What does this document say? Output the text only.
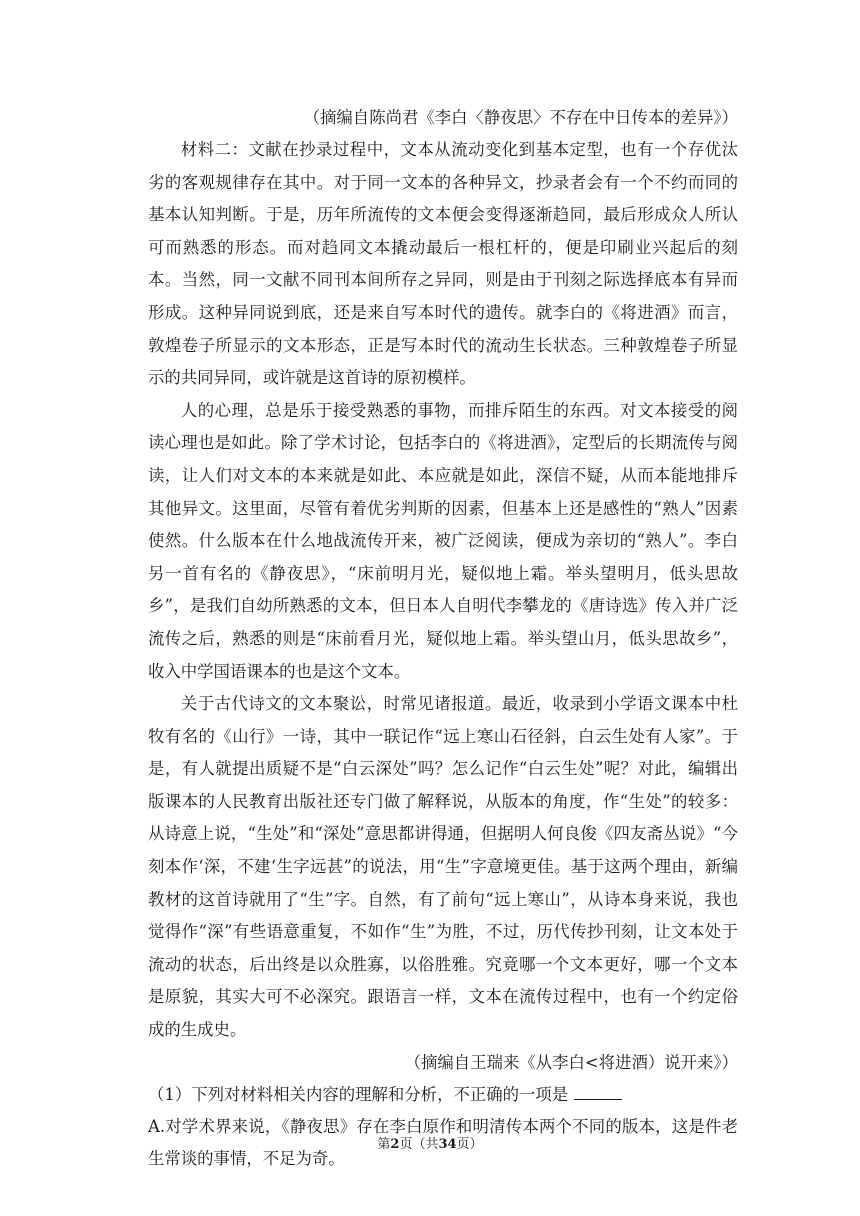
（摘编自陈尚君《李白〈静夜思〉不存在中日传本的差异》）

材料二：文献在抄录过程中，文本从流动变化到基本定型，也有一个存优汰劣的客观规律存在其中。对于同一文本的各种异文，抄录者会有一个不约而同的基本认知判断。于是，历年所流传的文本便会变得逐渐趋同，最后形成众人所认可而熟悉的形态。而对趋同文本撬动最后一根杠杆的，便是印刷业兴起后的刻本。当然，同一文献不同刊本间所存之异同，则是由于刊刻之际选择底本有异而形成。这种异同说到底，还是来自写本时代的遗传。就李白的《将进酒》而言，敦煌卷子所显示的文本形态，正是写本时代的流动生长状态。三种敦煌卷子所显示的共同异同，或许就是这首诗的原初模样。

人的心理，总是乐于接受熟悉的事物，而排斥陌生的东西。对文本接受的阅读心理也是如此。除了学术讨论，包括李白的《将进酒》，定型后的长期流传与阅读，让人们对文本的本来就是如此、本应就是如此，深信不疑，从而本能地排斥其他异文。这里面，尽管有着优劣判斯的因素，但基本上还是感性的“熟人”因素使然。什么版本在什么地战流传开来，被广泛阅读，便成为亲切的“熟人”。李白另一首有名的《静夜思》，“床前明月光，疑似地上霜。举头望明月，低头思故乡”，是我们自幼所熟悉的文本，但日本人自明代李攀龙的《唐诗选》传入并广泛流传之后，熟悉的则是“床前看月光，疑似地上霜。举头望山月，低头思故乡”，收入中学国语课本的也是这个文本。

关于古代诗文的文本聚讼，时常见诸报道。最近，收录到小学语文课本中杜牧有名的《山行》一诗，其中一联记作“远上寒山石径斜，白云生处有人家”。于是，有人就提出质疑不是“白云深处”吗？怎么记作“白云生处”呢？对此，编辑出版课本的人民教育出版社还专门做了解释说，从版本的角度，作“生处”的较多：从诗意上说，“生处”和“深处”意思都讲得通，但据明人何良俊《四友斋丛说》“今刻本作‘深，不建‘生字远甚”的说法，用“生”字意境更佳。基于这两个理由，新编教材的这首诗就用了“生”字。自然，有了前句“远上寒山”，从诗本身来说，我也觉得作“深”有些语意重复，不如作“生”为胜，不过，历代传抄刊刻，让文本处于流动的状态，后出终是以众胜寡，以俗胜雅。究竟哪一个文本更好，哪一个文本是原貌，其实大可不必深究。跟语言一样，文本在流传过程中，也有一个约定俗成的生成史。

（摘编自王瑞来《从李白<将进酒）说开来》）

（1）下列对材料相关内容的理解和分析，不正确的一项是

A.对学术界来说，《静夜思》存在李白原作和明清传本两个不同的版本，这是件老生常谈的事情，不足为奇。

第2页（共34页）
